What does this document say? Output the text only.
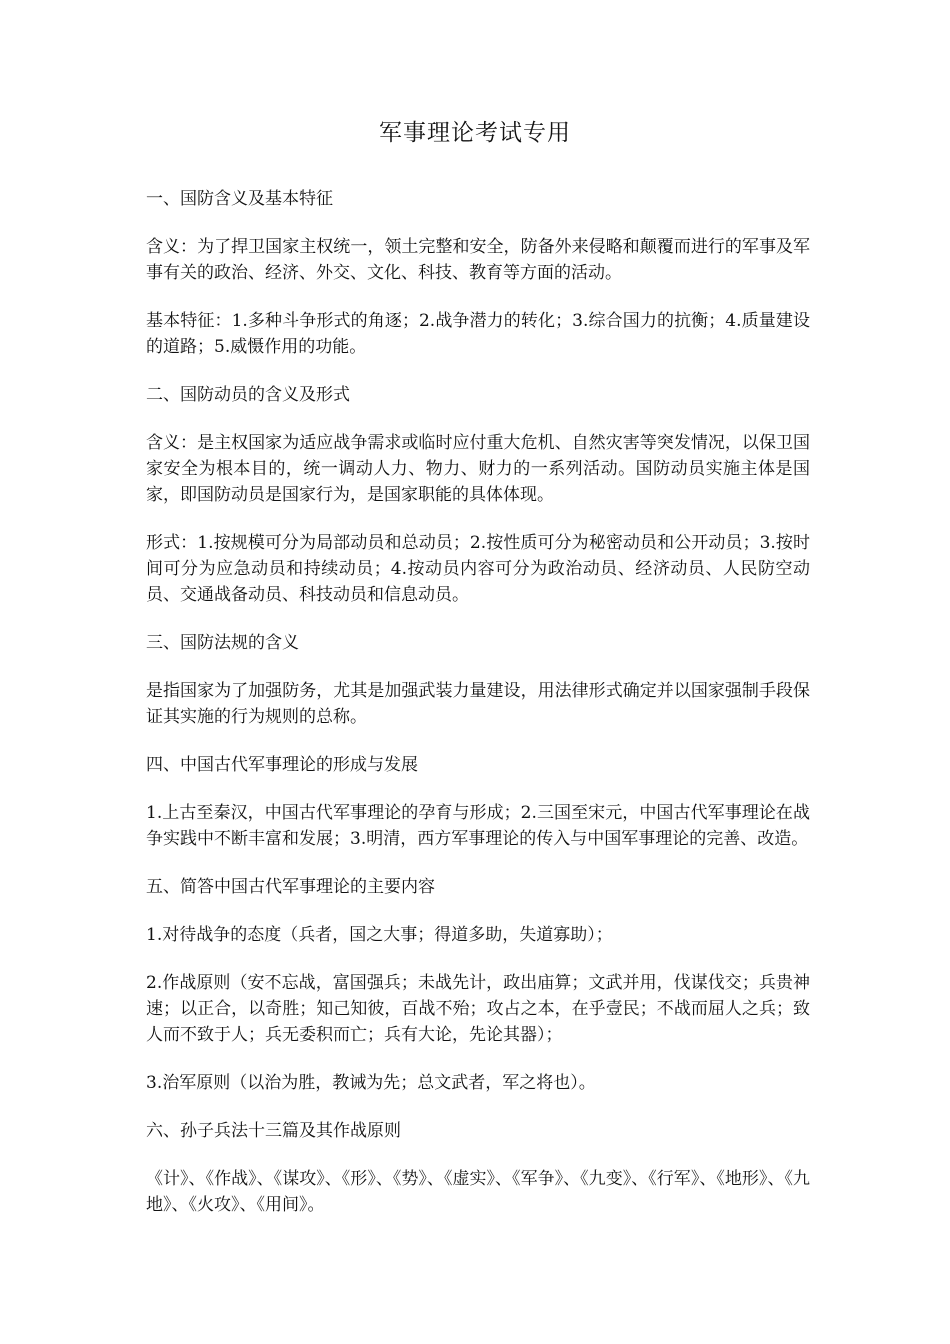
军事理论考试专用
一、国防含义及基本特征
含义：为了捍卫国家主权统一，领土完整和安全，防备外来侵略和颠覆而进行的军事及军事有关的政治、经济、外交、文化、科技、教育等方面的活动。
基本特征：1.多种斗争形式的角逐；2.战争潜力的转化；3.综合国力的抗衡；4.质量建设的道路；5.威慑作用的功能。
二、国防动员的含义及形式
含义：是主权国家为适应战争需求或临时应付重大危机、自然灾害等突发情况，以保卫国家安全为根本目的，统一调动人力、物力、财力的一系列活动。国防动员实施主体是国家，即国防动员是国家行为，是国家职能的具体体现。
形式：1.按规模可分为局部动员和总动员；2.按性质可分为秘密动员和公开动员；3.按时间可分为应急动员和持续动员；4.按动员内容可分为政治动员、经济动员、人民防空动员、交通战备动员、科技动员和信息动员。
三、国防法规的含义
是指国家为了加强防务，尤其是加强武装力量建设，用法律形式确定并以国家强制手段保证其实施的行为规则的总称。
四、中国古代军事理论的形成与发展
1.上古至秦汉，中国古代军事理论的孕育与形成；2.三国至宋元，中国古代军事理论在战争实践中不断丰富和发展；3.明清，西方军事理论的传入与中国军事理论的完善、改造。
五、简答中国古代军事理论的主要内容
1.对待战争的态度（兵者，国之大事；得道多助，失道寡助）；
2.作战原则（安不忘战，富国强兵；未战先计，政出庙算；文武并用，伐谋伐交；兵贵神速；以正合，以奇胜；知己知彼，百战不殆；攻占之本，在乎壹民；不战而屈人之兵；致人而不致于人；兵无委积而亡；兵有大论，先论其器）；
3.治军原则（以治为胜，教诫为先；总文武者，军之将也）。
六、孙子兵法十三篇及其作战原则
《计》、《作战》、《谋攻》、《形》、《势》、《虚实》、《军争》、《九变》、《行军》、《地形》、《九地》、《火攻》、《用间》。
